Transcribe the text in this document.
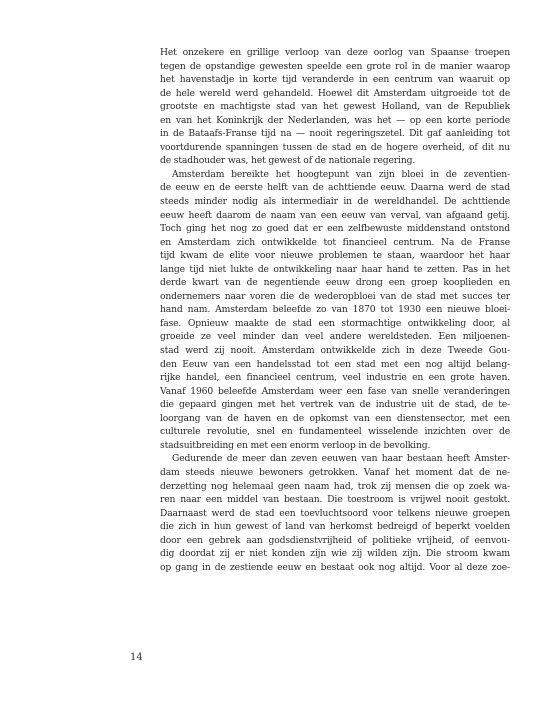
Het onzekere en grillige verloop van deze oorlog van Spaanse troepen
tegen de opstandige gewesten speelde een grote rol in de manier waarop
het havenstadje in korte tijd veranderde in een centrum van waaruit op
de hele wereld werd gehandeld. Hoewel dit Amsterdam uitgroeide tot de
grootste en machtigste stad van het gewest Holland, van de Republiek
en van het Koninkrijk der Nederlanden, was het — op een korte periode
in de Bataafs-Franse tijd na — nooit regeringszetel. Dit gaf aanleiding tot
voortdurende spanningen tussen de stad en de hogere overheid, of dit nu
de stadhouder was, het gewest of de nationale regering.
Amsterdam bereikte het hoogtepunt van zijn bloei in de zeventien-
de eeuw en de eerste helft van de achttiende eeuw. Daarna werd de stad
steeds minder nodig als intermediair in de wereldhandel. De achttiende
eeuw heeft daarom de naam van een eeuw van verval, van afgaand getij.
Toch ging het nog zo goed dat er een zelfbewuste middenstand ontstond
en Amsterdam zich ontwikkelde tot financieel centrum. Na de Franse
tijd kwam de elite voor nieuwe problemen te staan, waardoor het haar
lange tijd niet lukte de ontwikkeling naar haar hand te zetten. Pas in het
derde kwart van de negentiende eeuw drong een groep kooplieden en
ondernemers naar voren die de wederopbloei van de stad met succes ter
hand nam. Amsterdam beleefde zo van 1870 tot 1930 een nieuwe bloei-
fase. Opnieuw maakte de stad een stormachtige ontwikkeling door, al
groeide ze veel minder dan veel andere wereldsteden. Een miljoenen-
stad werd zij nooit. Amsterdam ontwikkelde zich in deze Tweede Gou-
den Eeuw van een handelsstad tot een stad met een nog altijd belang-
rijke handel, een financieel centrum, veel industrie en een grote haven.
Vanaf 1960 beleefde Amsterdam weer een fase van snelle veranderingen
die gepaard gingen met het vertrek van de industrie uit de stad, de te-
loorgang van de haven en de opkomst van een dienstensector, met een
culturele revolutie, snel en fundamenteel wisselende inzichten over de
stadsuitbreiding en met een enorm verloop in de bevolking.
Gedurende de meer dan zeven eeuwen van haar bestaan heeft Amster-
dam steeds nieuwe bewoners getrokken. Vanaf het moment dat de ne-
derzetting nog helemaal geen naam had, trok zij mensen die op zoek wa-
ren naar een middel van bestaan. Die toestroom is vrijwel nooit gestokt.
Daarnaast werd de stad een toevluchtsoord voor telkens nieuwe groepen
die zich in hun gewest of land van herkomst bedreigd of beperkt voelden
door een gebrek aan godsdienstvrijheid of politieke vrijheid, of eenvou-
dig doordat zij er niet konden zijn wie zij wilden zijn. Die stroom kwam
op gang in de zestiende eeuw en bestaat ook nog altijd. Voor al deze zoe-
14
